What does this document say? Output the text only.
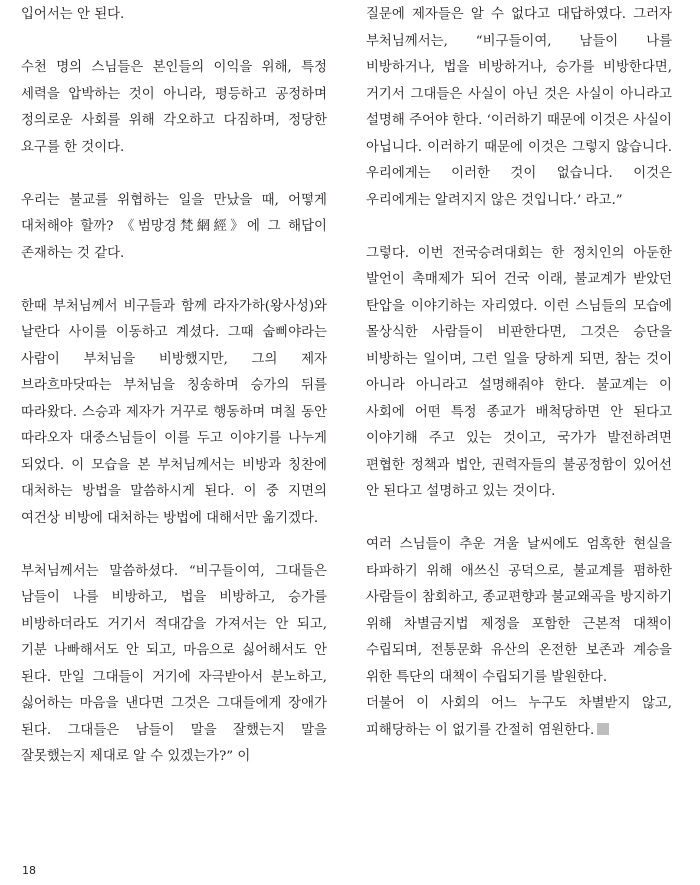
입어서는 안 된다.

수천 명의 스님들은 본인들의 이익을 위해, 특정 세력을 압박하는 것이 아니라, 평등하고 공정하며 정의로운 사회를 위해 각오하고 다짐하며, 정당한 요구를 한 것이다.

우리는 불교를 위협하는 일을 만났을 때, 어떻게 대처해야 할까? 《범망경梵網經》에 그 해답이 존재하는 것 같다.

한때 부처님께서 비구들과 함께 라자가하(왕사성)와 날란다 사이를 이동하고 계셨다. 그때 숩삐야라는 사람이 부처님을 비방했지만, 그의 제자 브라흐마닷따는 부처님을 칭송하며 승가의 뒤를 따라왔다. 스승과 제자가 거꾸로 행동하며 며칠 동안 따라오자 대중스님들이 이를 두고 이야기를 나누게 되었다. 이 모습을 본 부처님께서는 비방과 칭찬에 대처하는 방법을 말씀하시게 된다. 이 중 지면의 여건상 비방에 대처하는 방법에 대해서만 옮기겠다.

부처님께서는 말씀하셨다. “비구들이여, 그대들은 남들이 나를 비방하고, 법을 비방하고, 승가를 비방하더라도 거기서 적대감을 가져서는 안 되고, 기분 나빠해서도 안 되고, 마음으로 싫어해서도 안 된다. 만일 그대들이 거기에 자극받아서 분노하고, 싫어하는 마음을 낸다면 그것은 그대들에게 장애가 된다. 그대들은 남들이 말을 잘했는지 말을 잘못했는지 제대로 알 수 있겠는가?” 이

질문에 제자들은 알 수 없다고 대답하였다. 그러자 부처님께서는, “비구들이여, 남들이 나를 비방하거나, 법을 비방하거나, 승가를 비방한다면, 거기서 그대들은 사실이 아닌 것은 사실이 아니라고 설명해 주어야 한다. ‘이러하기 때문에 이것은 사실이 아닙니다. 이러하기 때문에 이것은 그렇지 않습니다. 우리에게는 이러한 것이 없습니다. 이것은 우리에게는 알려지지 않은 것입니다.’ 라고.”

그렇다. 이번 전국승려대회는 한 정치인의 아둔한 발언이 촉매제가 되어 건국 이래, 불교계가 받았던 탄압을 이야기하는 자리였다. 이런 스님들의 모습에 몰상식한 사람들이 비판한다면, 그것은 승단을 비방하는 일이며, 그런 일을 당하게 되면, 참는 것이 아니라 아니라고 설명해줘야 한다. 불교계는 이 사회에 어떤 특정 종교가 배척당하면 안 된다고 이야기해 주고 있는 것이고, 국가가 발전하려면 편협한 정책과 법안, 권력자들의 불공정함이 있어선 안 된다고 설명하고 있는 것이다.

여러 스님들이 추운 겨울 날씨에도 엄혹한 현실을 타파하기 위해 애쓰신 공덕으로, 불교계를 폄하한 사람들이 참회하고, 종교편향과 불교왜곡을 방지하기 위해 차별금지법 제정을 포함한 근본적 대책이 수립되며, 전통문화 유산의 온전한 보존과 계승을 위한 특단의 대책이 수립되기를 발원한다.

더불어 이 사회의 어느 누구도 차별받지 않고, 피해당하는 이 없기를 간절히 염원한다.

18
